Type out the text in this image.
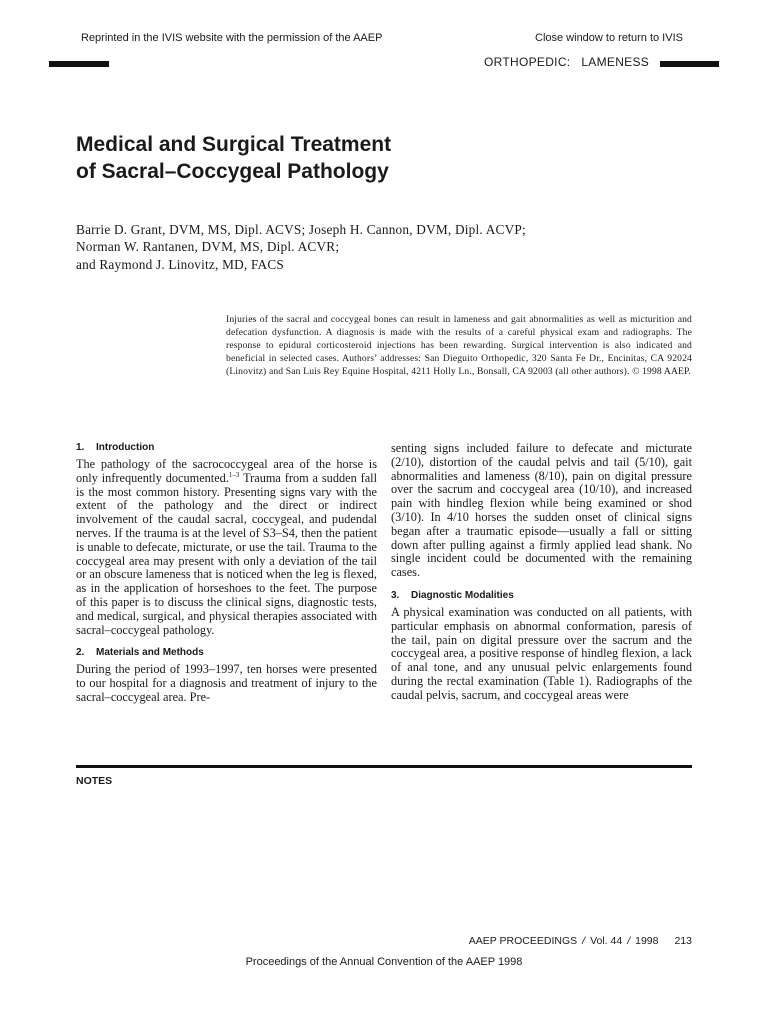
Reprinted in the IVIS website with the permission of the AAEP	Close window to return to IVIS
ORTHOPEDIC:   LAMENESS
Medical and Surgical Treatment
of Sacral–Coccygeal Pathology
Barrie D. Grant, DVM, MS, Dipl. ACVS; Joseph H. Cannon, DVM, Dipl. ACVP;
Norman W. Rantanen, DVM, MS, Dipl. ACVR;
and Raymond J. Linovitz, MD, FACS

Injuries of the sacral and coccygeal bones can result in lameness and gait abnormalities as well as micturition and defecation dysfunction. A diagnosis is made with the results of a careful physical exam and radiographs. The response to epidural corticosteroid injections has been rewarding. Surgical intervention is also indicated and beneficial in selected cases. Authors’ addresses: San Dieguito Orthopedic, 320 Santa Fe Dr., Encinitas, CA 92024 (Linovitz) and San Luis Rey Equine Hospital, 4211 Holly Ln., Bonsall, CA 92003 (all other authors). © 1998 AAEP.

1. Introduction

The pathology of the sacrococcygeal area of the horse is only infrequently documented.$^{1-3}$ Trauma from a sudden fall is the most common history. Presenting signs vary with the extent of the pathology and the direct or indirect involvement of the caudal sacral, coccygeal, and pudendal nerves. If the trauma is at the level of S3–S4, then the patient is unable to defecate, micturate, or use the tail. Trauma to the coccygeal area may present with only a deviation of the tail or an obscure lameness that is noticed when the leg is flexed, as in the application of horseshoes to the feet. The purpose of this paper is to discuss the clinical signs, diagnostic tests, and medical, surgical, and physical therapies associated with sacral–coccygeal pathology.

2. Materials and Methods

During the period of 1993–1997, ten horses were presented to our hospital for a diagnosis and treatment of injury to the sacral–coccygeal area. Pre-

senting signs included failure to defecate and micturate (2/10), distortion of the caudal pelvis and tail (5/10), gait abnormalities and lameness (8/10), pain on digital pressure over the sacrum and coccygeal area (10/10), and increased pain with hindleg flexion while being examined or shod (3/10). In 4/10 horses the sudden onset of clinical signs began after a traumatic episode—usually a fall or sitting down after pulling against a firmly applied lead shank. No single incident could be documented with the remaining cases.

3. Diagnostic Modalities

A physical examination was conducted on all patients, with particular emphasis on abnormal conformation, paresis of the tail, pain on digital pressure over the sacrum and the coccygeal area, a positive response of hindleg flexion, a lack of anal tone, and any unusual pelvic enlargements found during the rectal examination (Table 1). Radiographs of the caudal pelvis, sacrum, and coccygeal areas were

NOTES
AAEP PROCEEDINGS / Vol. 44 / 1998 213
Proceedings of the Annual Convention of the AAEP 1998
